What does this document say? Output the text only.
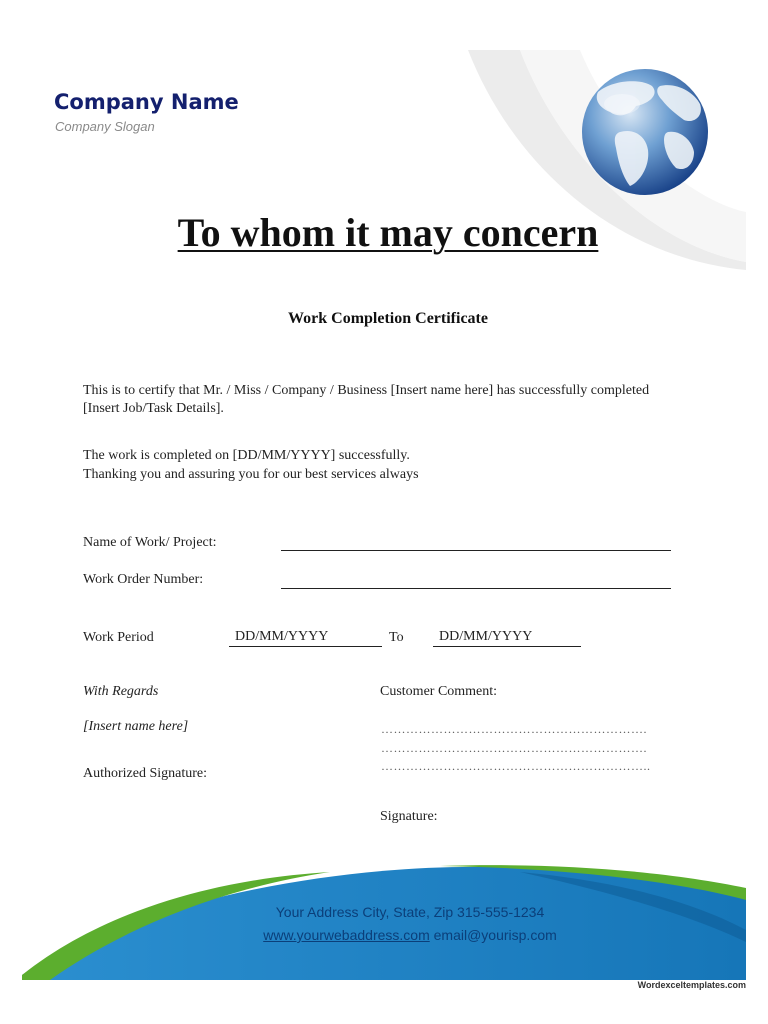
Company Name
Company Slogan
To whom it may concern
Work Completion Certificate
This is to certify that Mr. / Miss / Company / Business [Insert name here] has successfully completed
[Insert Job/Task Details].
The work is completed on [DD/MM/YYYY] successfully.
Thanking you and assuring you for our best services always
Name of Work/ Project:
Work Order Number:
Work Period	DD/MM/YYYY	To	DD/MM/YYYY
With Regards
[Insert name here]
Authorized Signature:
Customer Comment:
……………………………………………………….
……………………………………………………….
………………………………………………………..
Signature:
Your Address City, State, Zip 315-555-1234
www.yourwebaddress.com email@yourisp.com
Wordexceltemplates.com
